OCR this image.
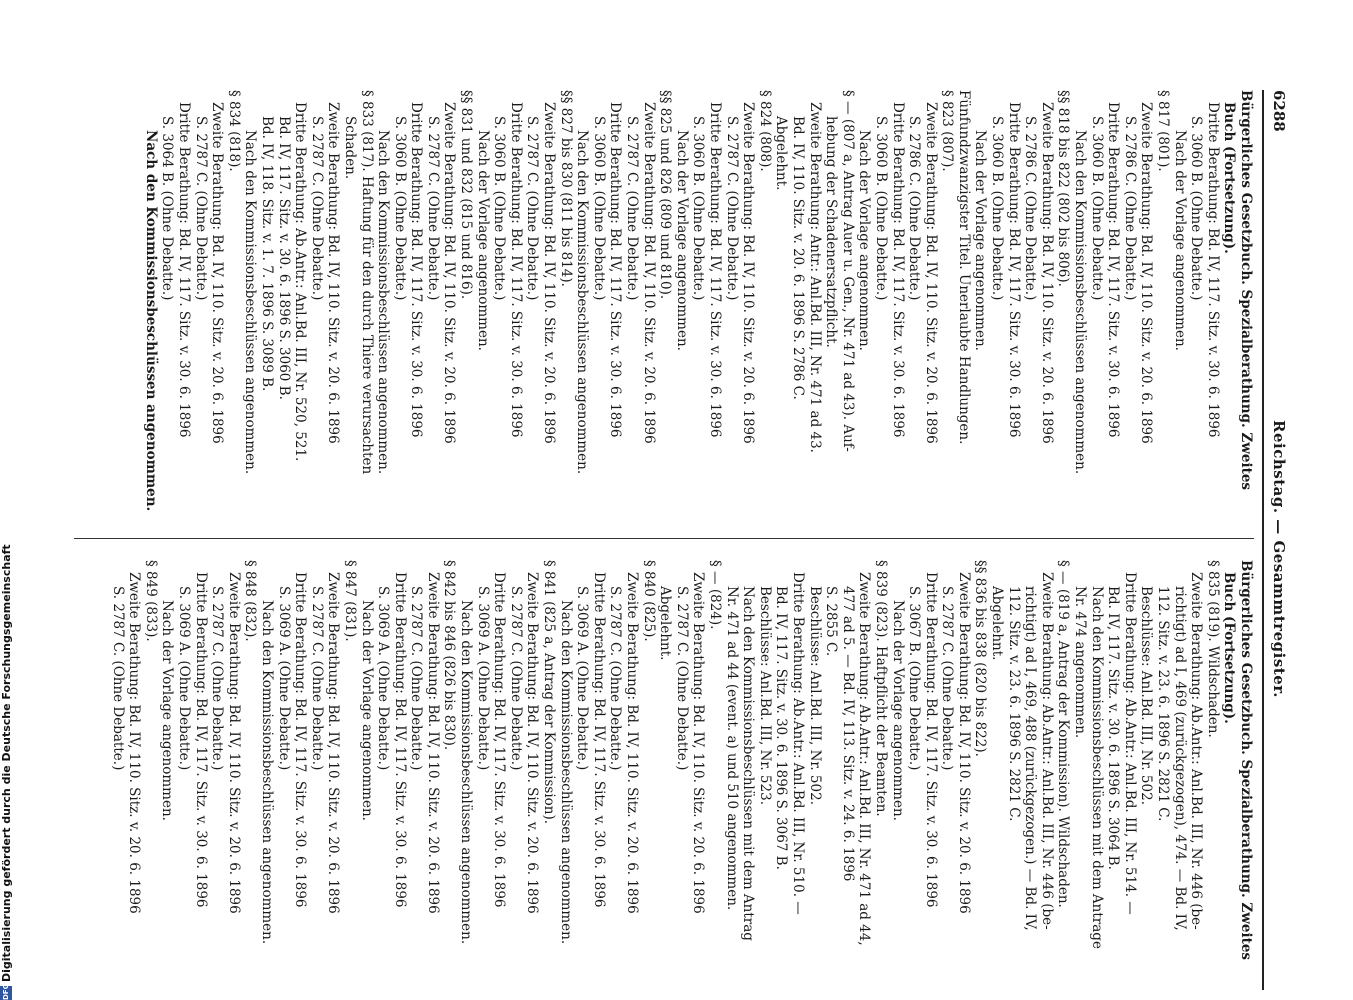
6288
Reichstag. — Gesammtregister.
Bürgerliches Gesetzbuch. Spezialberathung. Zweites
Buch (Fortsetzung).
Dritte Berathung: Bd. IV, 117. Sitz. v. 30. 6. 1896
S. 3060 B. (Ohne Debatte.)
Nach der Vorlage angenommen.
§ 817 (801).
Zweite Berathung: Bd. IV, 110. Sitz. v. 20. 6. 1896
S. 2786 C. (Ohne Debatte.)
Dritte Berathung: Bd. IV, 117. Sitz. v. 30. 6. 1896
S. 3060 B. (Ohne Debatte.)
Nach den Kommissionsbeschlüssen angenommen.
§§ 818 bis 822 (802 bis 806).
Zweite Berathung: Bd. IV, 110. Sitz. v. 20. 6. 1896
S. 2786 C. (Ohne Debatte.)
Dritte Berathung: Bd. IV, 117. Sitz. v. 30. 6. 1896
S. 3060 B. (Ohne Debatte.)
Nach der Vorlage angenommen.
Fünfundzwanzigster Titel. Unerlaubte Handlungen.
§ 823 (807).
Zweite Berathung: Bd. IV, 110. Sitz. v. 20. 6. 1896
S. 2786 C. (Ohne Debatte.)
Dritte Berathung: Bd. IV, 117. Sitz. v. 30. 6. 1896
S. 3060 B. (Ohne Debatte.)
Nach der Vorlage angenommen.
§ — (807 a, Antrag Auer u. Gen., Nr. 471 ad 43). Auf-
hebung der Schadenersatzpflicht.
Zweite Berathung: Antr.: Anl.Bd. III, Nr. 471 ad 43.
Bd. IV, 110. Sitz. v. 20. 6. 1896 S. 2786 C.
Abgelehnt.
§ 824 (808).
Zweite Berathung: Bd. IV, 110. Sitz. v. 20. 6. 1896
S. 2787 C. (Ohne Debatte.)
Dritte Berathung: Bd. IV, 117. Sitz. v. 30. 6. 1896
S. 3060 B. (Ohne Debatte.)
Nach der Vorlage angenommen.
§§ 825 und 826 (809 und 810).
Zweite Berathung: Bd. IV, 110. Sitz. v. 20. 6. 1896
S. 2787 C. (Ohne Debatte.)
Dritte Berathung: Bd. IV, 117. Sitz. v. 30. 6. 1896
S. 3060 B. (Ohne Debatte.)
Nach den Kommissionsbeschlüssen angenommen.
§§ 827 bis 830 (811 bis 814).
Zweite Berathung: Bd. IV, 110. Sitz. v. 20. 6. 1896
S. 2787 C. (Ohne Debatte.)
Dritte Berathung: Bd. IV, 117. Sitz. v. 30. 6. 1896
S. 3060 B. (Ohne Debatte.)
Nach der Vorlage angenommen.
§§ 831 und 832 (815 und 816).
Zweite Berathung: Bd. IV, 110. Sitz. v. 20. 6. 1896
S. 2787 C. (Ohne Debatte.)
Dritte Berathung: Bd. IV, 117. Sitz. v. 30. 6. 1896
S. 3060 B. (Ohne Debatte.)
Nach den Kommissionsbeschlüssen angenommen.
§ 833 (817). Haftung für den durch Thiere verursachten
Schaden.
Zweite Berathung: Bd. IV, 110. Sitz. v. 20. 6. 1896
S. 2787 C. (Ohne Debatte.)
Dritte Berathung: Ab.Antr.: Anl.Bd. III, Nr. 520, 521.
Bd. IV, 117. Sitz. v. 30. 6. 1896 S. 3060 B.
Bd. IV, 118. Sitz. v. 1. 7. 1896 S. 3089 B.
Nach den Kommissionsbeschlüssen angenommen.
§ 834 (818).
Zweite Berathung: Bd. IV, 110. Sitz. v. 20. 6. 1896
S. 2787 C. (Ohne Debatte.)
Dritte Berathung: Bd. IV, 117. Sitz. v. 30. 6. 1896
S. 3064 B. (Ohne Debatte.)
Nach den Kommissionsbeschlüssen angenommen.
Bürgerliches Gesetzbuch. Spezialberathung. Zweites
Buch (Fortsetzung).
§ 835 (819). Wildschaden.
Zweite Berathung: Ab.Antr.: Anl.Bd. III, Nr. 446 (be-
richtigt) ad I, 469 (zurückgezogen), 474. — Bd. IV,
112. Sitz. v. 23. 6. 1896 S. 2821 C.
Beschlüsse: Anl.Bd. III, Nr. 502.
Dritte Berathung: Ab.Antr.: Anl.Bd. III, Nr. 514. —
Bd. IV, 117. Sitz. v. 30. 6. 1896 S. 3064 B.
Nach den Kommissionsbeschlüssen mit dem Antrage
Nr. 474 angenommen.
§ — (819 a, Antrag der Kommission). Wildschaden.
Zweite Berathung: Ab.Antr.: Anl.Bd. III, Nr. 446 (be-
richtigt) ad I, 469, 488 (zurückgezogen.) — Bd. IV,
112. Sitz. v. 23. 6. 1896 S. 2821 C.
Abgelehnt.
§§ 836 bis 838 (820 bis 822).
Zweite Berathung: Bd. IV, 110. Sitz. v. 20. 6. 1896
S. 2787 C. (Ohne Debatte.)
Dritte Berathung: Bd. IV, 117. Sitz. v. 30. 6. 1896
S. 3067 B. (Ohne Debatte.)
Nach der Vorlage angenommen.
§ 839 (823). Haftpflicht der Beamten.
Zweite Berathung: Ab.Antr.: Anl.Bd. III, Nr. 471 ad 44,
477 ad 5. — Bd. IV, 113. Sitz. v. 24. 6. 1896
S. 2855 C.
Beschlüsse: Anl.Bd. III, Nr. 502.
Dritte Berathung: Ab.Antr.: Anl.Bd. III, Nr. 510. —
Bd. IV, 117. Sitz. v. 30. 6. 1896 S. 3067 B.
Beschlüsse: Anl.Bd. III, Nr. 523.
Nach den Kommissionsbeschlüssen mit dem Antrag
Nr. 471 ad 44 (event. a) und 510 angenommen.
§ — (824).
Zweite Berathung: Bd. IV, 110. Sitz. v. 20. 6. 1896
S. 2787 C. (Ohne Debatte.)
Abgelehnt.
§ 840 (825).
Zweite Berathung: Bd. IV, 110. Sitz. v. 20. 6. 1896
S. 2787 C. (Ohne Debatte.)
Dritte Berathung: Bd. IV, 117. Sitz. v. 30. 6. 1896
S. 3069 A. (Ohne Debatte.)
Nach den Kommissionsbeschlüssen angenommen.
§ 841 (825 a, Antrag der Kommission).
Zweite Berathung: Bd. IV, 110. Sitz. v. 20. 6. 1896
S. 2787 C. (Ohne Debatte.)
Dritte Berathung: Bd. IV, 117. Sitz. v. 30. 6. 1896
S. 3069 A. (Ohne Debatte.)
Nach den Kommissionsbeschlüssen angenommen.
§ 842 bis 846 (826 bis 830).
Zweite Berathung: Bd. IV, 110. Sitz. v. 20. 6. 1896
S. 2787 C. (Ohne Debatte.)
Dritte Berathung: Bd. IV, 117. Sitz. v. 30. 6. 1896
S. 3069 A. (Ohne Debatte.)
Nach der Vorlage angenommen.
§ 847 (831).
Zweite Berathung: Bd. IV, 110. Sitz. v. 20. 6. 1896
S. 2787 C. (Ohne Debatte.)
Dritte Berathung: Bd. IV, 117. Sitz. v. 30. 6. 1896
S. 3069 A. (Ohne Debatte.)
Nach den Kommissionsbeschlüssen angenommen.
§ 848 (832).
Zweite Berathung: Bd. IV, 110. Sitz. v. 20. 6. 1896
S. 2787 C. (Ohne Debatte.)
Dritte Berathung: Bd. IV, 117. Sitz. v. 30. 6. 1896
S. 3069 A. (Ohne Debatte.)
Nach der Vorlage angenommen.
§ 849 (833).
Zweite Berathung: Bd. IV, 110. Sitz. v. 20. 6. 1896
S. 2787 C. (Ohne Debatte.)
DFG
Digitalisierung gefördert durch die Deutsche Forschungsgemeinschaft
